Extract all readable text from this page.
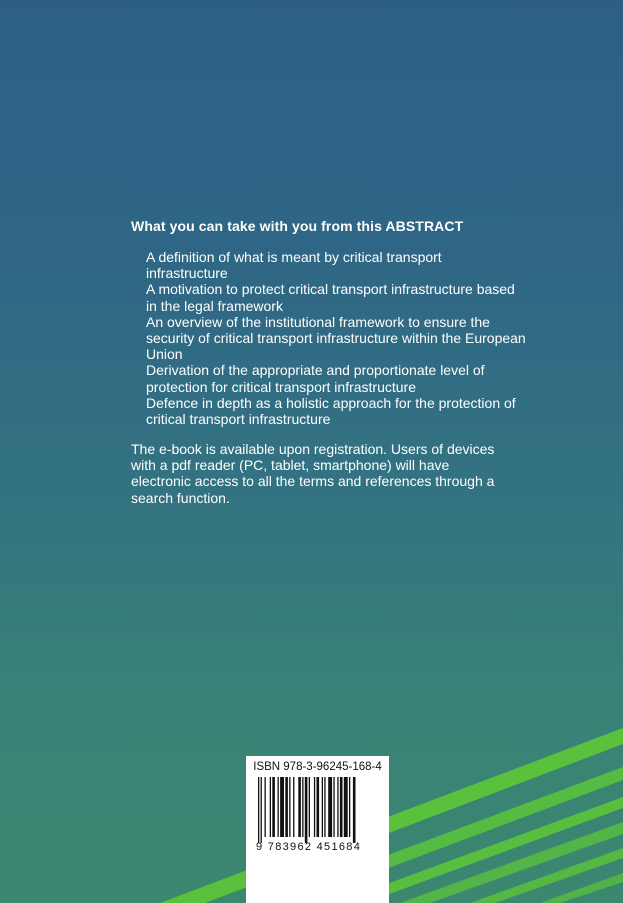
What you can take with you from this ABSTRACT
A definition of what is meant by critical transport infrastructure
A motivation to protect critical transport infrastructure based in the legal framework
An overview of the institutional framework to ensure the security of critical transport infrastructure within the European Union
Derivation of the appropriate and proportionate level of protection for critical transport infrastructure
Defence in depth as a holistic approach for the protection of critical transport infrastructure

The e-book is available upon registration. Users of devices with a pdf reader (PC, tablet, smartphone) will have electronic access to all the terms and references through a search function.

ISBN 978-3-96245-168-4
9 783962 451684
